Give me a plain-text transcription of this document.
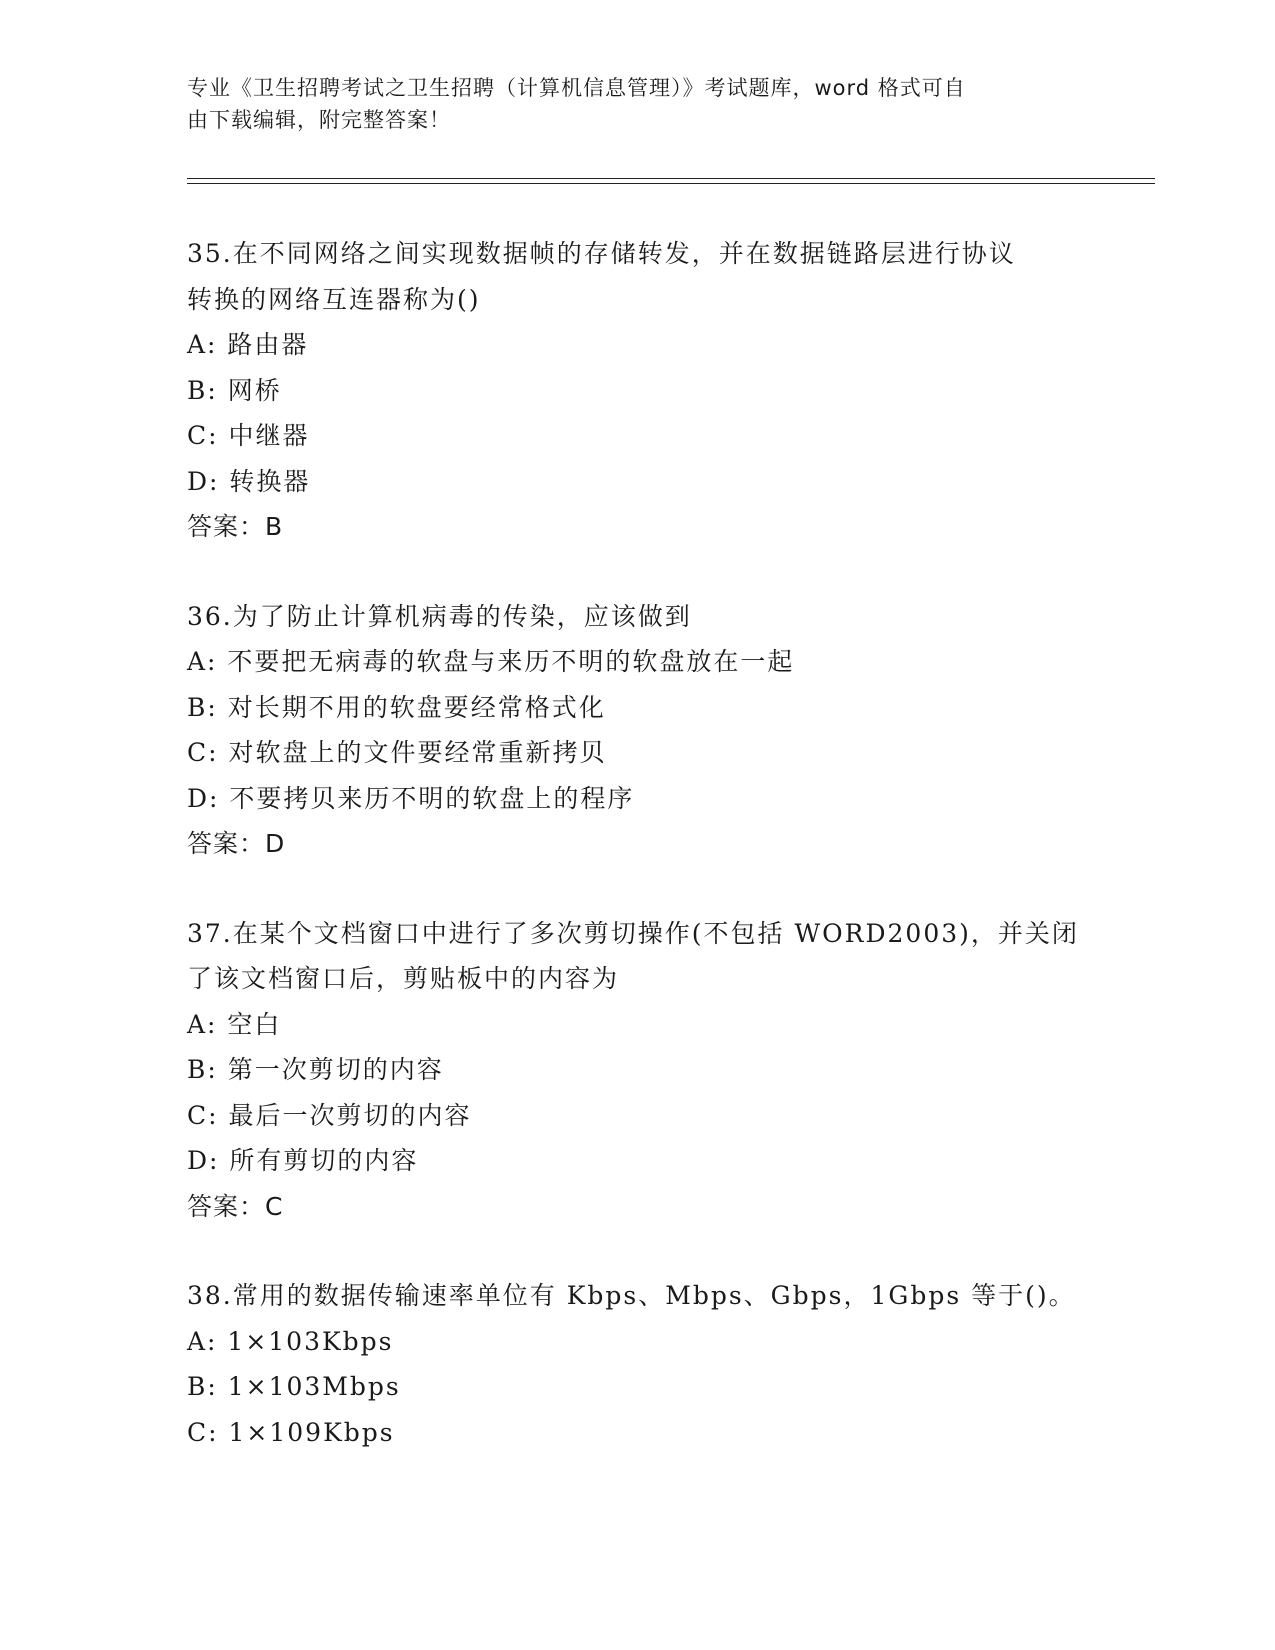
专业《卫生招聘考试之卫生招聘（计算机信息管理）》考试题库，word 格式可自
由下载编辑，附完整答案！
35.在不同网络之间实现数据帧的存储转发，并在数据链路层进行协议
转换的网络互连器称为()
A: 路由器
B: 网桥
C: 中继器
D: 转换器
答案：B
36.为了防止计算机病毒的传染，应该做到
A: 不要把无病毒的软盘与来历不明的软盘放在一起
B: 对长期不用的软盘要经常格式化
C: 对软盘上的文件要经常重新拷贝
D: 不要拷贝来历不明的软盘上的程序
答案：D
37.在某个文档窗口中进行了多次剪切操作(不包括 WORD2003)，并关闭
了该文档窗口后，剪贴板中的内容为
A: 空白
B: 第一次剪切的内容
C: 最后一次剪切的内容
D: 所有剪切的内容
答案：C
38.常用的数据传输速率单位有 Kbps、Mbps、Gbps，1Gbps 等于()。
A: 1×103Kbps
B: 1×103Mbps
C: 1×109Kbps
